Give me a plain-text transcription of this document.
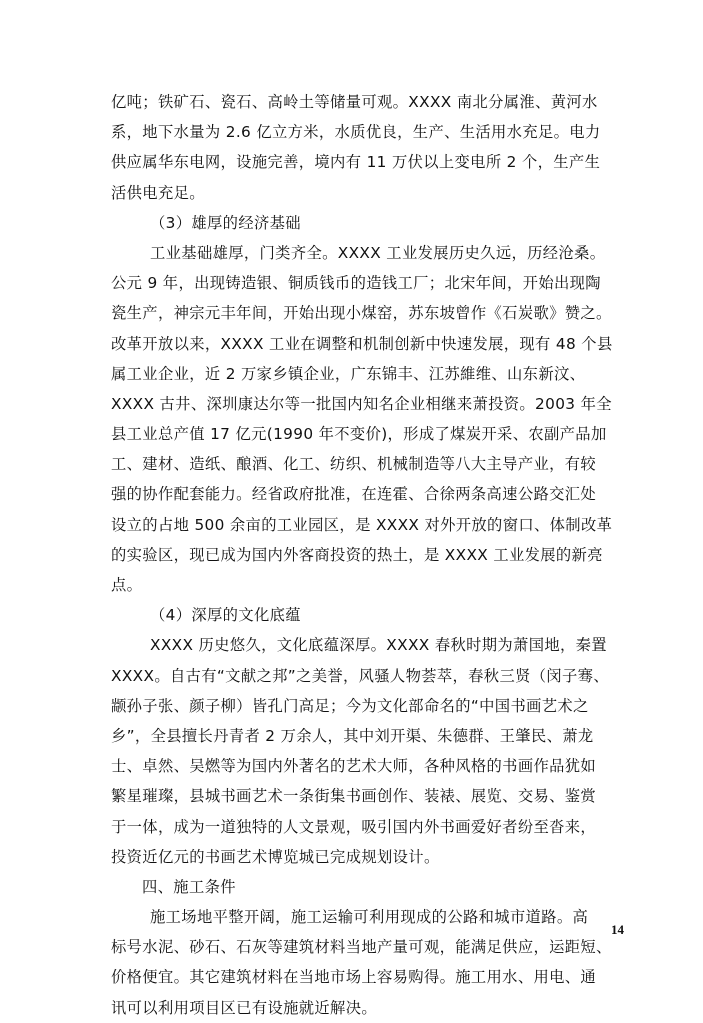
亿吨；铁矿石、瓷石、高岭土等储量可观。XXXX 南北分属淮、黄河水
系，地下水量为 2.6 亿立方米，水质优良，生产、生活用水充足。电力
供应属华东电网，设施完善，境内有 11 万伏以上变电所 2 个，生产生
活供电充足。
（3）雄厚的经济基础
工业基础雄厚，门类齐全。XXXX 工业发展历史久远，历经沧桑。
公元 9 年，出现铸造银、铜质钱币的造钱工厂；北宋年间，开始出现陶
瓷生产，神宗元丰年间，开始出现小煤窑，苏东坡曾作《石炭歌》赞之。
改革开放以来，XXXX 工业在调整和机制创新中快速发展，现有 48 个县
属工业企业，近 2 万家乡镇企业，广东锦丰、江苏維维、山东新汶、
XXXX 古井、深圳康达尔等一批国内知名企业相继来萧投资。2003 年全
县工业总产值 17 亿元(1990 年不变价)，形成了煤炭开采、农副产品加
工、建材、造纸、酿酒、化工、纺织、机械制造等八大主导产业，有较
强的协作配套能力。经省政府批准，在连霍、合徐两条高速公路交汇处
设立的占地 500 余亩的工业园区，是 XXXX 对外开放的窗口、体制改革
的实验区，现已成为国内外客商投资的热土，是 XXXX 工业发展的新亮
点。
（4）深厚的文化底蕴
XXXX 历史悠久，文化底蕴深厚。XXXX 春秋时期为萧国地，秦置
XXXX。自古有“文献之邦”之美誉，风骚人物荟萃，春秋三贤（闵子骞、
颛孙子张、颜子柳）皆孔门高足；今为文化部命名的“中国书画艺术之
乡”，全县擅长丹青者 2 万余人，其中刘开渠、朱德群、王肇民、萧龙
士、卓然、吴燃等为国内外著名的艺术大师，各种风格的书画作品犹如
繁星璀璨，县城书画艺术一条街集书画创作、装裱、展览、交易、鉴赏
于一体，成为一道独特的人文景观，吸引国内外书画爱好者纷至沓来，
投资近亿元的书画艺术博览城已完成规划设计。
四、施工条件
施工场地平整开阔，施工运输可利用现成的公路和城市道路。高
标号水泥、砂石、石灰等建筑材料当地产量可观，能满足供应，运距短、
价格便宜。其它建筑材料在当地市场上容易购得。施工用水、用电、通
讯可以利用项目区已有设施就近解决。
14
